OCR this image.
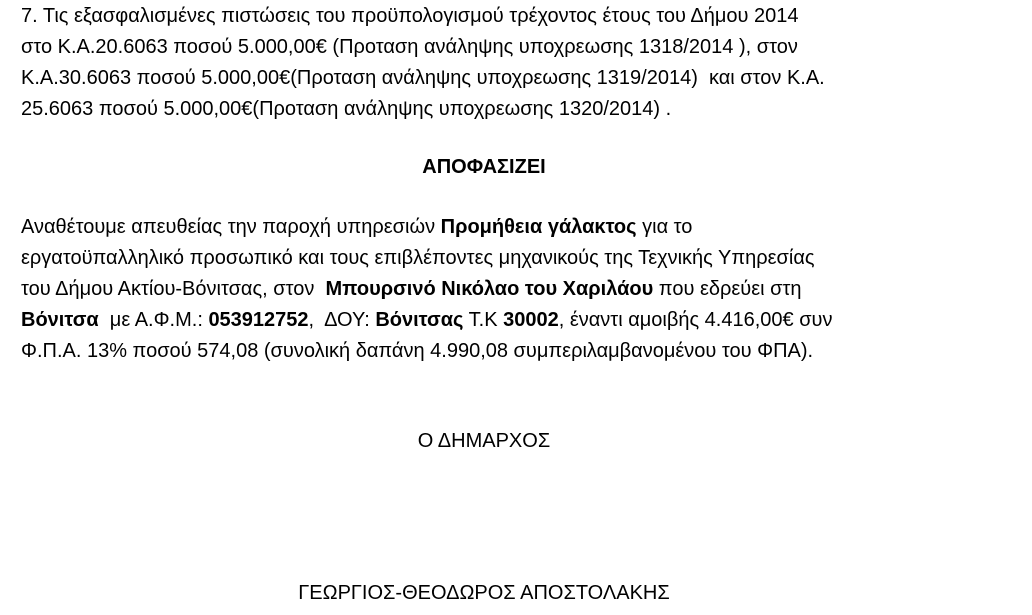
7. Τις εξασφαλισμένες πιστώσεις του προϋπολογισμού τρέχοντος έτους του Δήμου 2014
στο Κ.Α.20.6063 ποσού 5.000,00€ (Προταση ανάληψης υποχρεωσης 1318/2014 ), στον
Κ.Α.30.6063 ποσού 5.000,00€(Προταση ανάληψης υποχρεωσης 1319/2014)  και στον Κ.Α.
25.6063 ποσού 5.000,00€(Προταση ανάληψης υποχρεωσης 1320/2014) .
ΑΠΟΦΑΣΙΖΕΙ
Αναθέτουμε απευθείας την παροχή υπηρεσιών Προμήθεια γάλακτος για το
εργατοϋπαλληλικό προσωπικό και τους επιβλέποντες μηχανικούς της Τεχνικής Υπηρεσίας
του Δήμου Ακτίου-Βόνιτσας, στον  Μπουρσινό Νικόλαο του Χαριλάου που εδρεύει στη
Βόνιτσα  με Α.Φ.Μ.: 053912752,  ΔΟΥ: Βόνιτσας Τ.Κ 30002, έναντι αμοιβής 4.416,00€ συν
Φ.Π.Α. 13% ποσού 574,08 (συνολική δαπάνη 4.990,08 συμπεριλαμβανομένου του ΦΠΑ).
Ο ΔΗΜΑΡΧΟΣ
ΓΕΩΡΓΙΟΣ-ΘΕΟΔΩΡΟΣ ΑΠΟΣΤΟΛΑΚΗΣ
